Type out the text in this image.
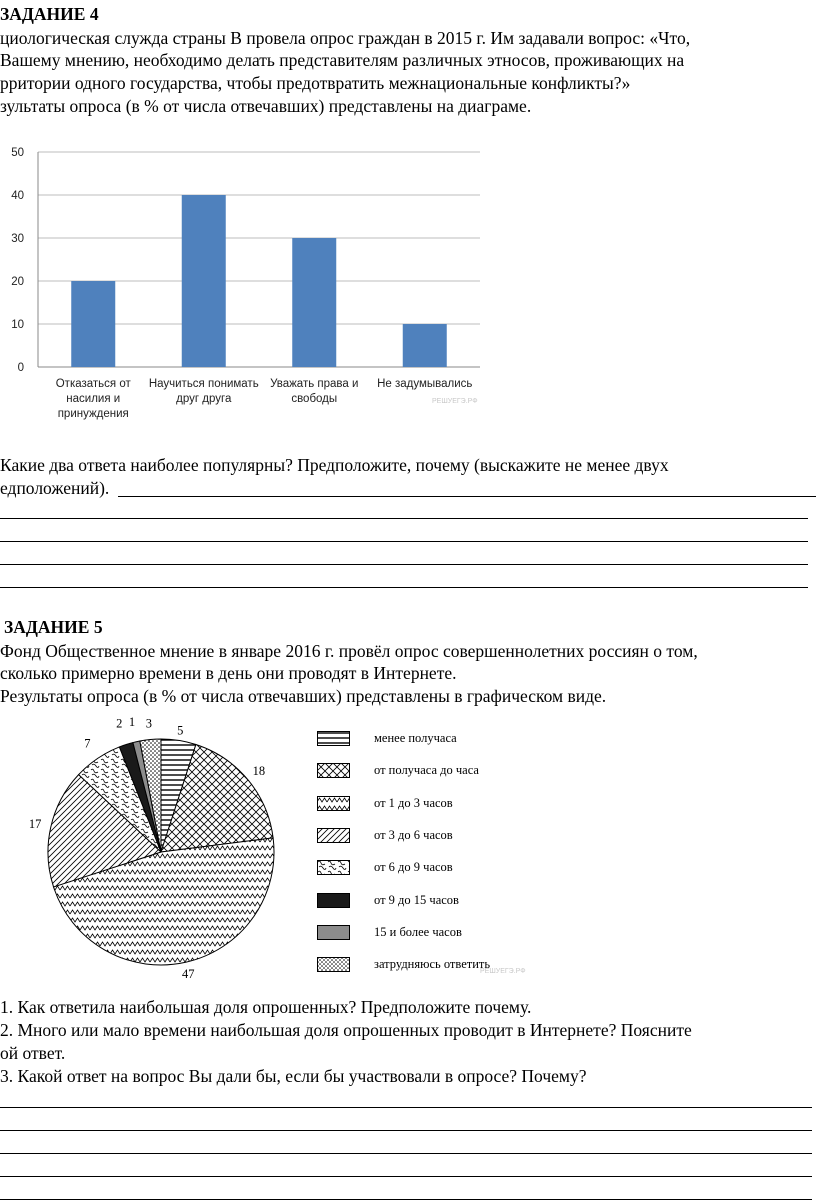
ЗАДАНИЕ 4
циологическая служда страны В провела опрос граждан в 2015 г. Им задавали вопрос: «Что,
Вашему мнению, необходимо делать представителям различных этносов, проживающих на
рритории одного государства, чтобы предотвратить межнациональные конфликты?»
зультаты опроса (в % от числа отвечавших) представлены на диаграме.
0
10
20
30
40
50
Отказаться от насилия и принуждения
Научиться понимать друг друга
Уважать права и свободы
Не задумывались
РЕШУЕГЭ.РФ
Какие два ответа наиболее популярны? Предположите, почему (выскажите не менее двух
едположений).
ЗАДАНИЕ 5
Фонд Общественное мнение в январе 2016 г. провёл опрос совершеннолетних россиян о том,
сколько примерно времени в день они проводят в Интернете.
Результаты опроса (в % от числа отвечавших) представлены в графическом виде.
5
18
47
17
7
2 1 3
менее получаса
от получаса до часа
от 1 до 3 часов
от 3 до 6 часов
от 6 до 9 часов
от 9 до 15 часов
15 и более часов
затрудняюсь ответить
РЕШУЕГЭ.РФ
1. Как ответила наибольшая доля опрошенных? Предположите почему.
2. Много или мало времени наибольшая доля опрошенных проводит в Интернете? Поясните
ой ответ.
3. Какой ответ на вопрос Вы дали бы, если бы участвовали в опросе? Почему?
